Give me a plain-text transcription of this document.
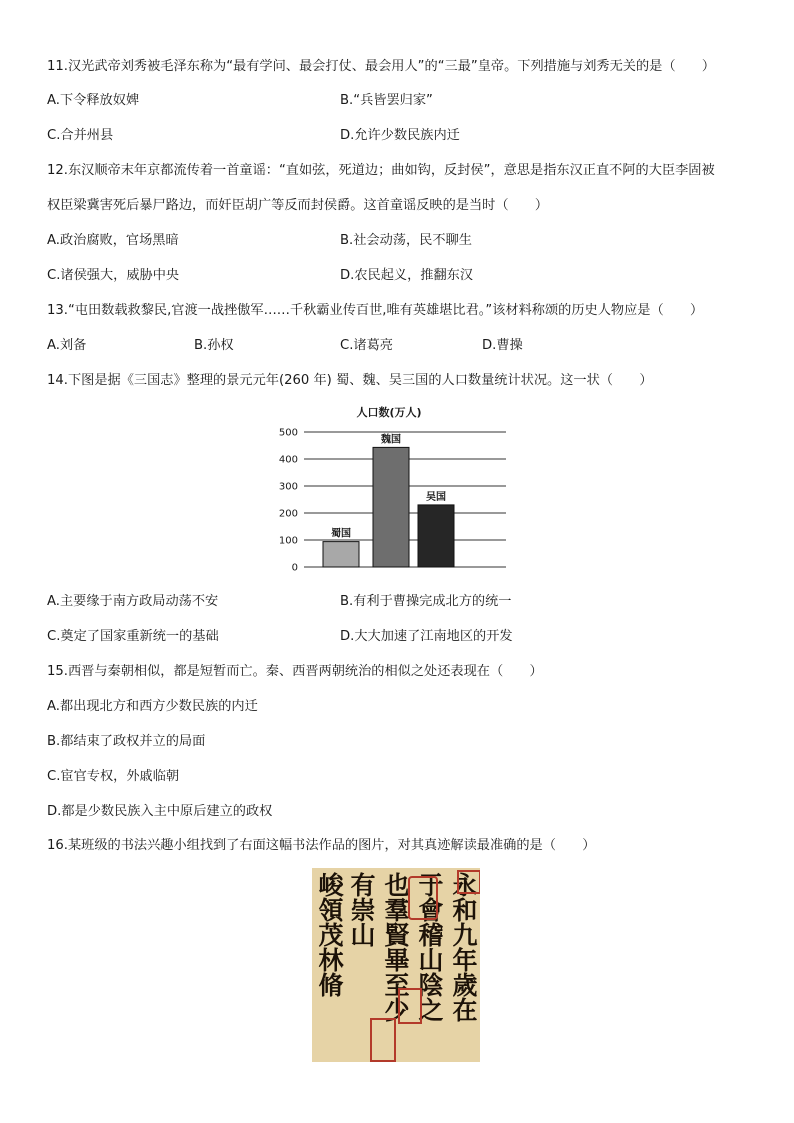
11.汉光武帝刘秀被毛泽东称为“最有学问、最会打仗、最会用人”的“三最”皇帝。下列措施与刘秀无关的是（　　）
A.下令释放奴婢	B.“兵皆罢归家”
C.合并州县	D.允许少数民族内迁
12.东汉顺帝末年京都流传着一首童谣：“直如弦，死道边；曲如钩，反封侯”，意思是指东汉正直不阿的大臣李固被
权臣梁冀害死后暴尸路边，而奸臣胡广等反而封侯爵。这首童谣反映的是当时（　　）
A.政治腐败，官场黑暗	B.社会动荡，民不聊生
C.诸侯强大，威胁中央	D.农民起义，推翻东汉
13.“屯田数载救黎民,官渡一战挫傲军……千秋霸业传百世,唯有英雄堪比君。”该材料称颂的历史人物应是（　　）
A.刘备	B.孙权	C.诸葛亮	D.曹操
14.下图是据《三国志》整理的景元元年(260 年) 蜀、魏、吴三国的人口数量统计状况。这一状（　　）
人口数(万人)
0
100
200
300
400
500
蜀国
魏国
吴国
A.主要缘于南方政局动荡不安	B.有利于曹操完成北方的统一
C.奠定了国家重新统一的基础	D.大大加速了江南地区的开发
15.西晋与秦朝相似，都是短暂而亡。秦、西晋两朝统治的相似之处还表现在（　　）
A.都出现北方和西方少数民族的内迁
B.都结束了政权并立的局面
C.宦官专权，外戚临朝
D.都是少数民族入主中原后建立的政权
16.某班级的书法兴趣小组找到了右面这幅书法作品的图片，对其真迹解读最准确的是（　　）
永和九年歲在
于會稽山陰之
也羣賢畢至少
有崇山
峻領茂林脩
